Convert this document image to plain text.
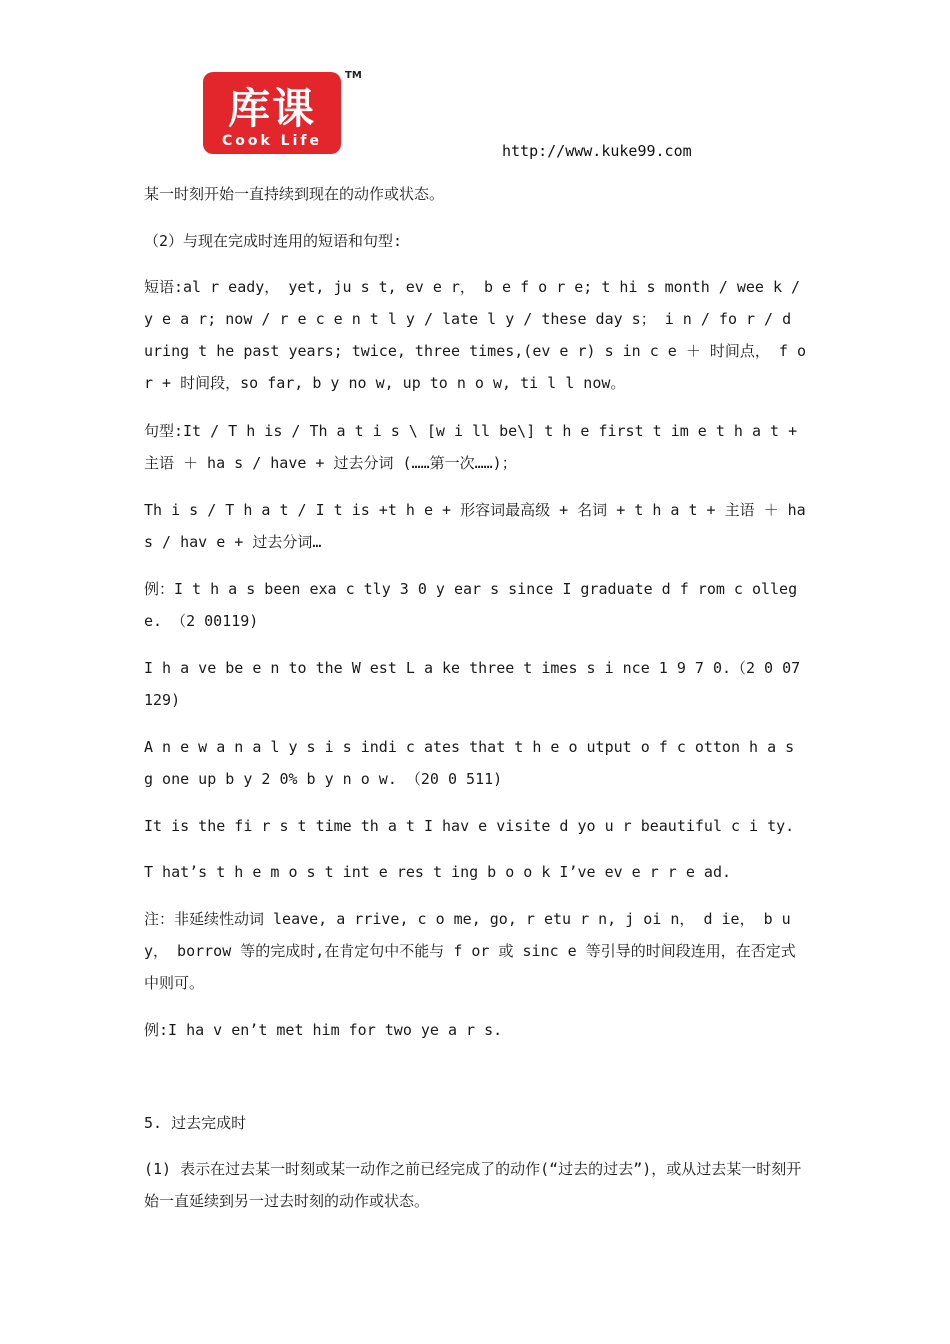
库课
Cook Life
TM
http://www.kuke99.com
某一时刻开始一直持续到现在的动作或状态。
（2）与现在完成时连用的短语和句型:
短语:al r eady， yet, ju s t, ev e r， b e f o r e; t hi s month / wee k / y e a r; now / r e c e n t l y / late l y / these day s； i n / fo r / d uring t he past years; twice, three times,(ev e r) s in c e ＋ 时间点， f o r + 时间段，so far, b y no w, up to n o w, ti l l now。
句型:It / T h is / Th a t i s \ [w i ll be\] t h e first t im e t h a t + 主语 ＋ ha s / have + 过去分词 (……第一次……)；
Th i s / T h a t / I t is +t h e + 形容词最高级 + 名词 + t h a t + 主语 ＋ has / hav e + 过去分词…
例：I t h a s been exa c tly 3 0 y ear s since I graduate d f rom c ollege. （2 00119)
I h a ve be e n to the W est L a ke three t imes s i nce 1 9 7 0.（2 0 07129)
A n e w a n a l y s i s indi c ates that t h e o utput o f c otton h a s g one up b y 2 0% b y n o w. （20 0 511)
It is the fi r s t time th a t I hav e visite d yo u r beautiful c i ty.
T hat’s t h e m o s t int e res t ing b o o k I’ve ev e r r e ad.
注：非延续性动词 leave, a rrive, c o me, go, r etu r n, j oi n， d ie， b u y， borrow 等的完成时,在肯定句中不能与 f or 或 sinc e 等引导的时间段连用，在否定式中则可。
例:I ha v en’t met him for two ye a r s.
5. 过去完成时
(1) 表示在过去某一时刻或某一动作之前已经完成了的动作(“过去的过去”)，或从过去某一时刻开始一直延续到另一过去时刻的动作或状态。
